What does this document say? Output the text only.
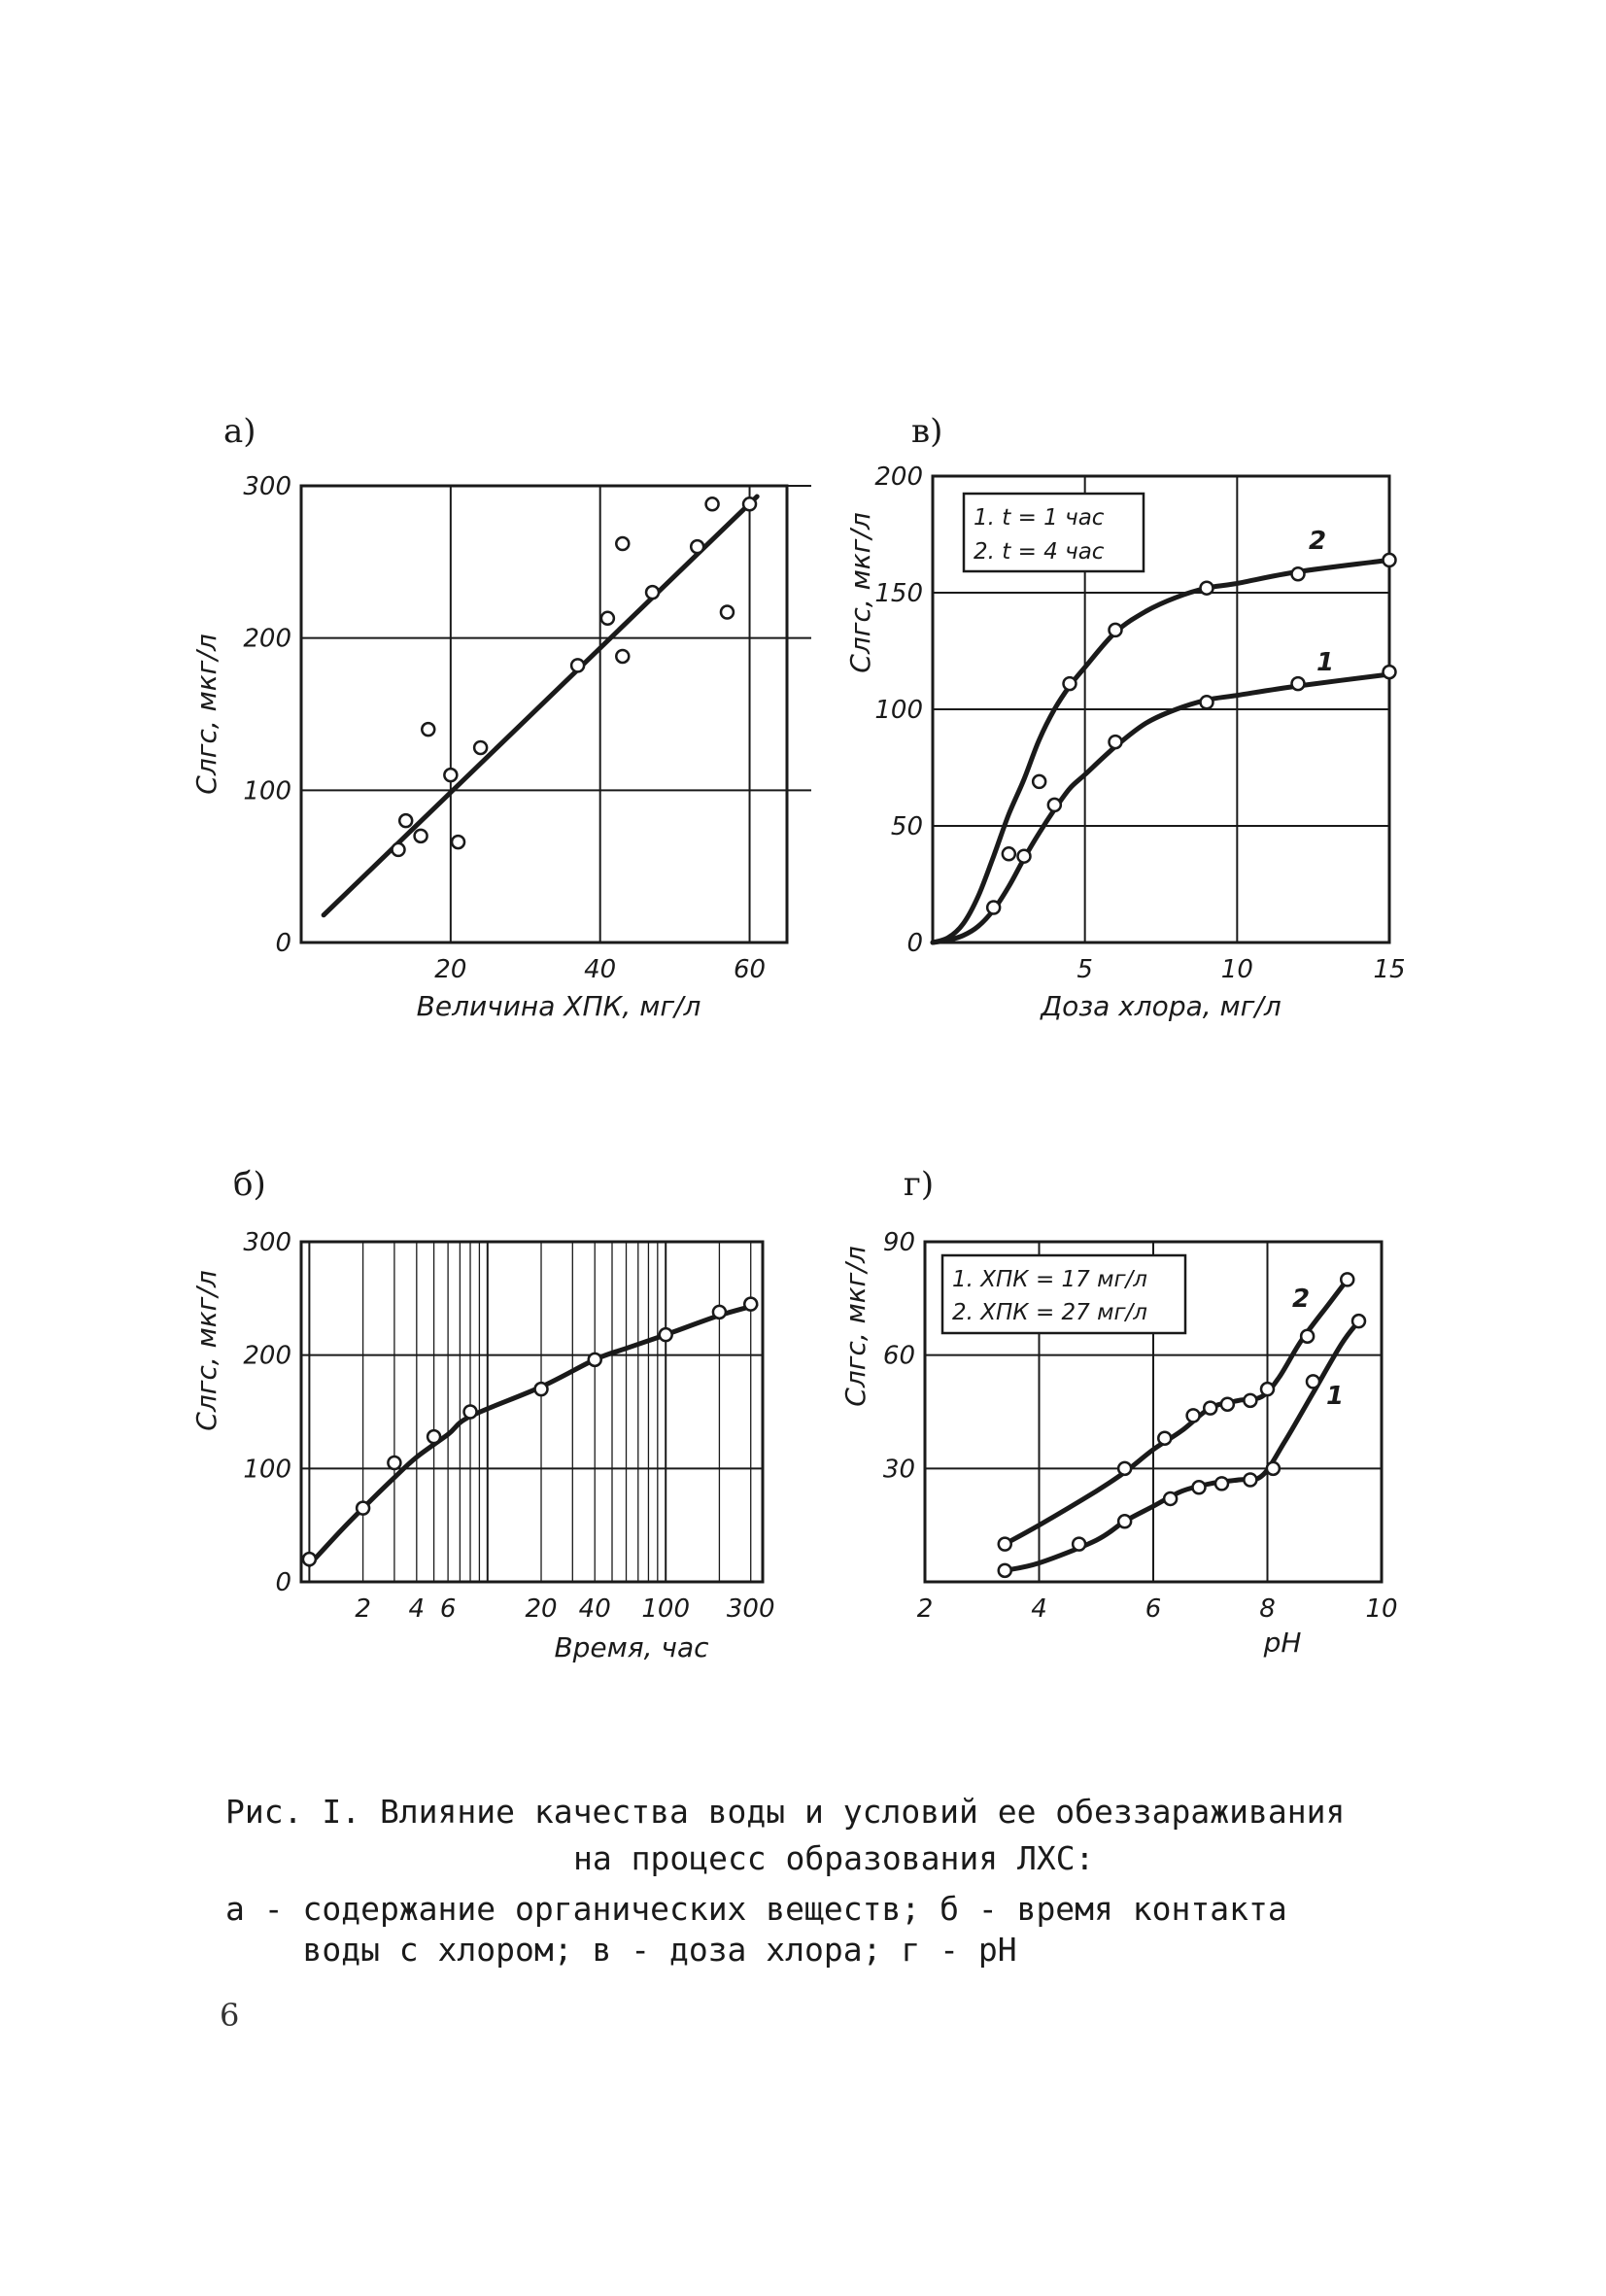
а)
0
100
200
300
20	40	60
Cлгс, мкг/л
Величина ХПК, мг/л
в)
0
50
100
150
200
5	10	15
1. t = 1 час
2. t = 4 час	2
1
Cлгс, мкг/л
Доза хлора, мг/л
б)
0
100
200
300
2 4 6	20 40 100 300
Cлгс, мкг/л
Время, час
г)
30
60
90
2	4	6	8	10
1. ХПК = 17 мг/л
2. ХПК = 27 мг/л	2
1
Cлгс, мкг/л
pH
Рис. I. Влияние качества воды и условий ее обеззараживания
на процесс образования ЛХС:
а - содержание органических веществ; б - время контакта
воды с хлором; в - доза хлора; г - pH
6
